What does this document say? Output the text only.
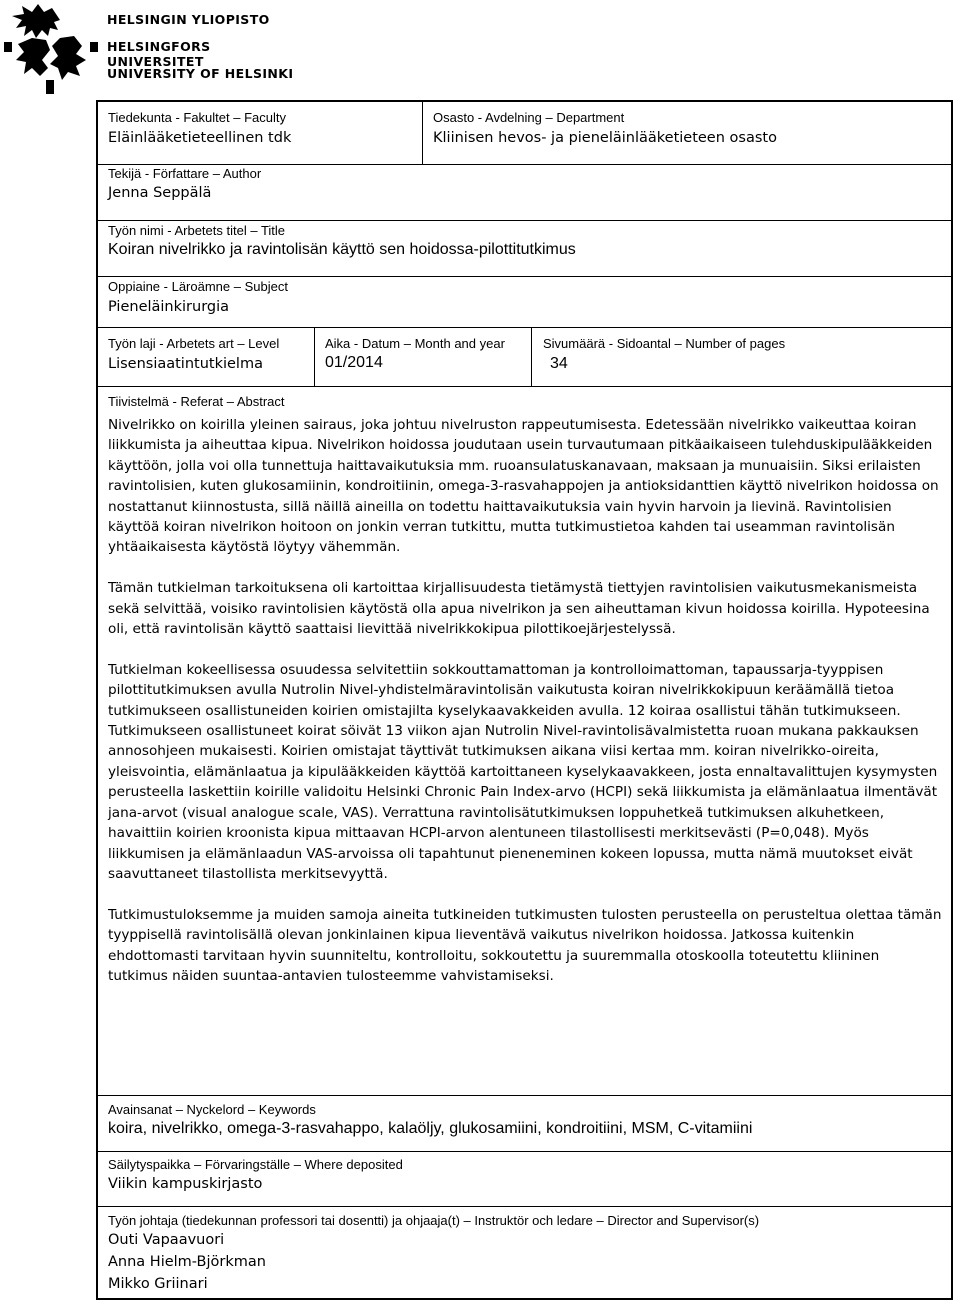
HELSINGIN YLIOPISTO
HELSINGFORS UNIVERSITET
UNIVERSITY OF HELSINKI
Tiedekunta - Fakultet – Faculty
Eläinlääketieteellinen tdk
Osasto - Avdelning – Department
Kliinisen hevos- ja pieneläinlääketieteen osasto
Tekijä - Författare – Author
Jenna Seppälä
Työn nimi - Arbetets titel – Title
Koiran nivelrikko ja ravintolisän käyttö sen hoidossa-pilottitutkimus
Oppiaine - Läroämne – Subject
Pieneläinkirurgia
Työn laji - Arbetets art – Level
Lisensiaatintutkielma
Aika - Datum – Month and year
01/2014
Sivumäärä - Sidoantal – Number of pages
34
Tiivistelmä - Referat – Abstract

Nivelrikko on koirilla yleinen sairaus, joka johtuu nivelruston rappeutumisesta. Edetessään nivelrikko vaikeuttaa koiran liikkumista ja aiheuttaa kipua. Nivelrikon hoidossa joudutaan usein turvautumaan pitkäaikaiseen tulehduskipulääkkeiden käyttöön, jolla voi olla tunnettuja haittavaikutuksia mm. ruoansulatuskanavaan, maksaan ja munuaisiin. Siksi erilaisten ravintolisien, kuten glukosamiinin, kondroitiinin, omega-3-rasvahappojen ja antioksidanttien käyttö nivelrikon hoidossa on nostattanut kiinnostusta, sillä näillä aineilla on todettu haittavaikutuksia vain hyvin harvoin ja lievinä. Ravintolisien käyttöä koiran nivelrikon hoitoon on jonkin verran tutkittu, mutta tutkimustietoa kahden tai useamman ravintolisän yhtäaikaisesta käytöstä löytyy vähemmän.

Tämän tutkielman tarkoituksena oli kartoittaa kirjallisuudesta tietämystä tiettyjen ravintolisien vaikutusmekanismeista sekä selvittää, voisiko ravintolisien käytöstä olla apua nivelrikon ja sen aiheuttaman kivun hoidossa koirilla. Hypoteesina oli, että ravintolisän käyttö saattaisi lievittää nivelrikkokipua pilottikoejärjestelyssä.

Tutkielman kokeellisessa osuudessa selvitettiin sokkouttamattoman ja kontrolloimattoman, tapaussarja-tyyppisen pilottitutkimuksen avulla Nutrolin Nivel-yhdistelmäravintolisän vaikutusta koiran nivelrikkokipuun keräämällä tietoa tutkimukseen osallistuneiden koirien omistajilta kyselykaavakkeiden avulla. 12 koiraa osallistui tähän tutkimukseen. Tutkimukseen osallistuneet koirat söivät 13 viikon ajan Nutrolin Nivel-ravintolisävalmistetta ruoan mukana pakkauksen annosohjeen mukaisesti. Koirien omistajat täyttivät tutkimuksen aikana viisi kertaa mm. koiran nivelrikko-oireita, yleisvointia, elämänlaatua ja kipulääkkeiden käyttöä kartoittaneen kyselykaavakkeen, josta ennaltavalittujen kysymysten perusteella laskettiin koirille validoitu Helsinki Chronic Pain Index-arvo (HCPI) sekä liikkumista ja elämänlaatua ilmentävät jana-arvot (visual analogue scale, VAS). Verrattuna ravintolisätutkimuksen loppuhetkeä tutkimuksen alkuhetkeen, havaittiin koirien kroonista kipua mittaavan HCPI-arvon alentuneen tilastollisesti merkitsevästi (P=0,048). Myös liikkumisen ja elämänlaadun VAS-arvoissa oli tapahtunut pieneneminen kokeen lopussa, mutta nämä muutokset eivät saavuttaneet tilastollista merkitsevyyttä.

Tutkimustuloksemme ja muiden samoja aineita tutkineiden tutkimusten tulosten perusteella on perusteltua olettaa tämän tyyppisellä ravintolisällä olevan jonkinlainen kipua lieventävä vaikutus nivelrikon hoidossa. Jatkossa kuitenkin ehdottomasti tarvitaan hyvin suunniteltu, kontrolloitu, sokkoutettu ja suuremmalla otoskoolla toteutettu kliininen tutkimus näiden suuntaa-antavien tulosteemme vahvistamiseksi.

Avainsanat – Nyckelord – Keywords
koira, nivelrikko, omega-3-rasvahappo, kalaöljy, glukosamiini, kondroitiini, MSM, C-vitamiini
Säilytyspaikka – Förvaringställe – Where deposited
Viikin kampuskirjasto
Työn johtaja (tiedekunnan professori tai dosentti) ja ohjaaja(t) – Instruktör och ledare – Director and Supervisor(s)
Outi Vapaavuori
Anna Hielm-Björkman
Mikko Griinari
